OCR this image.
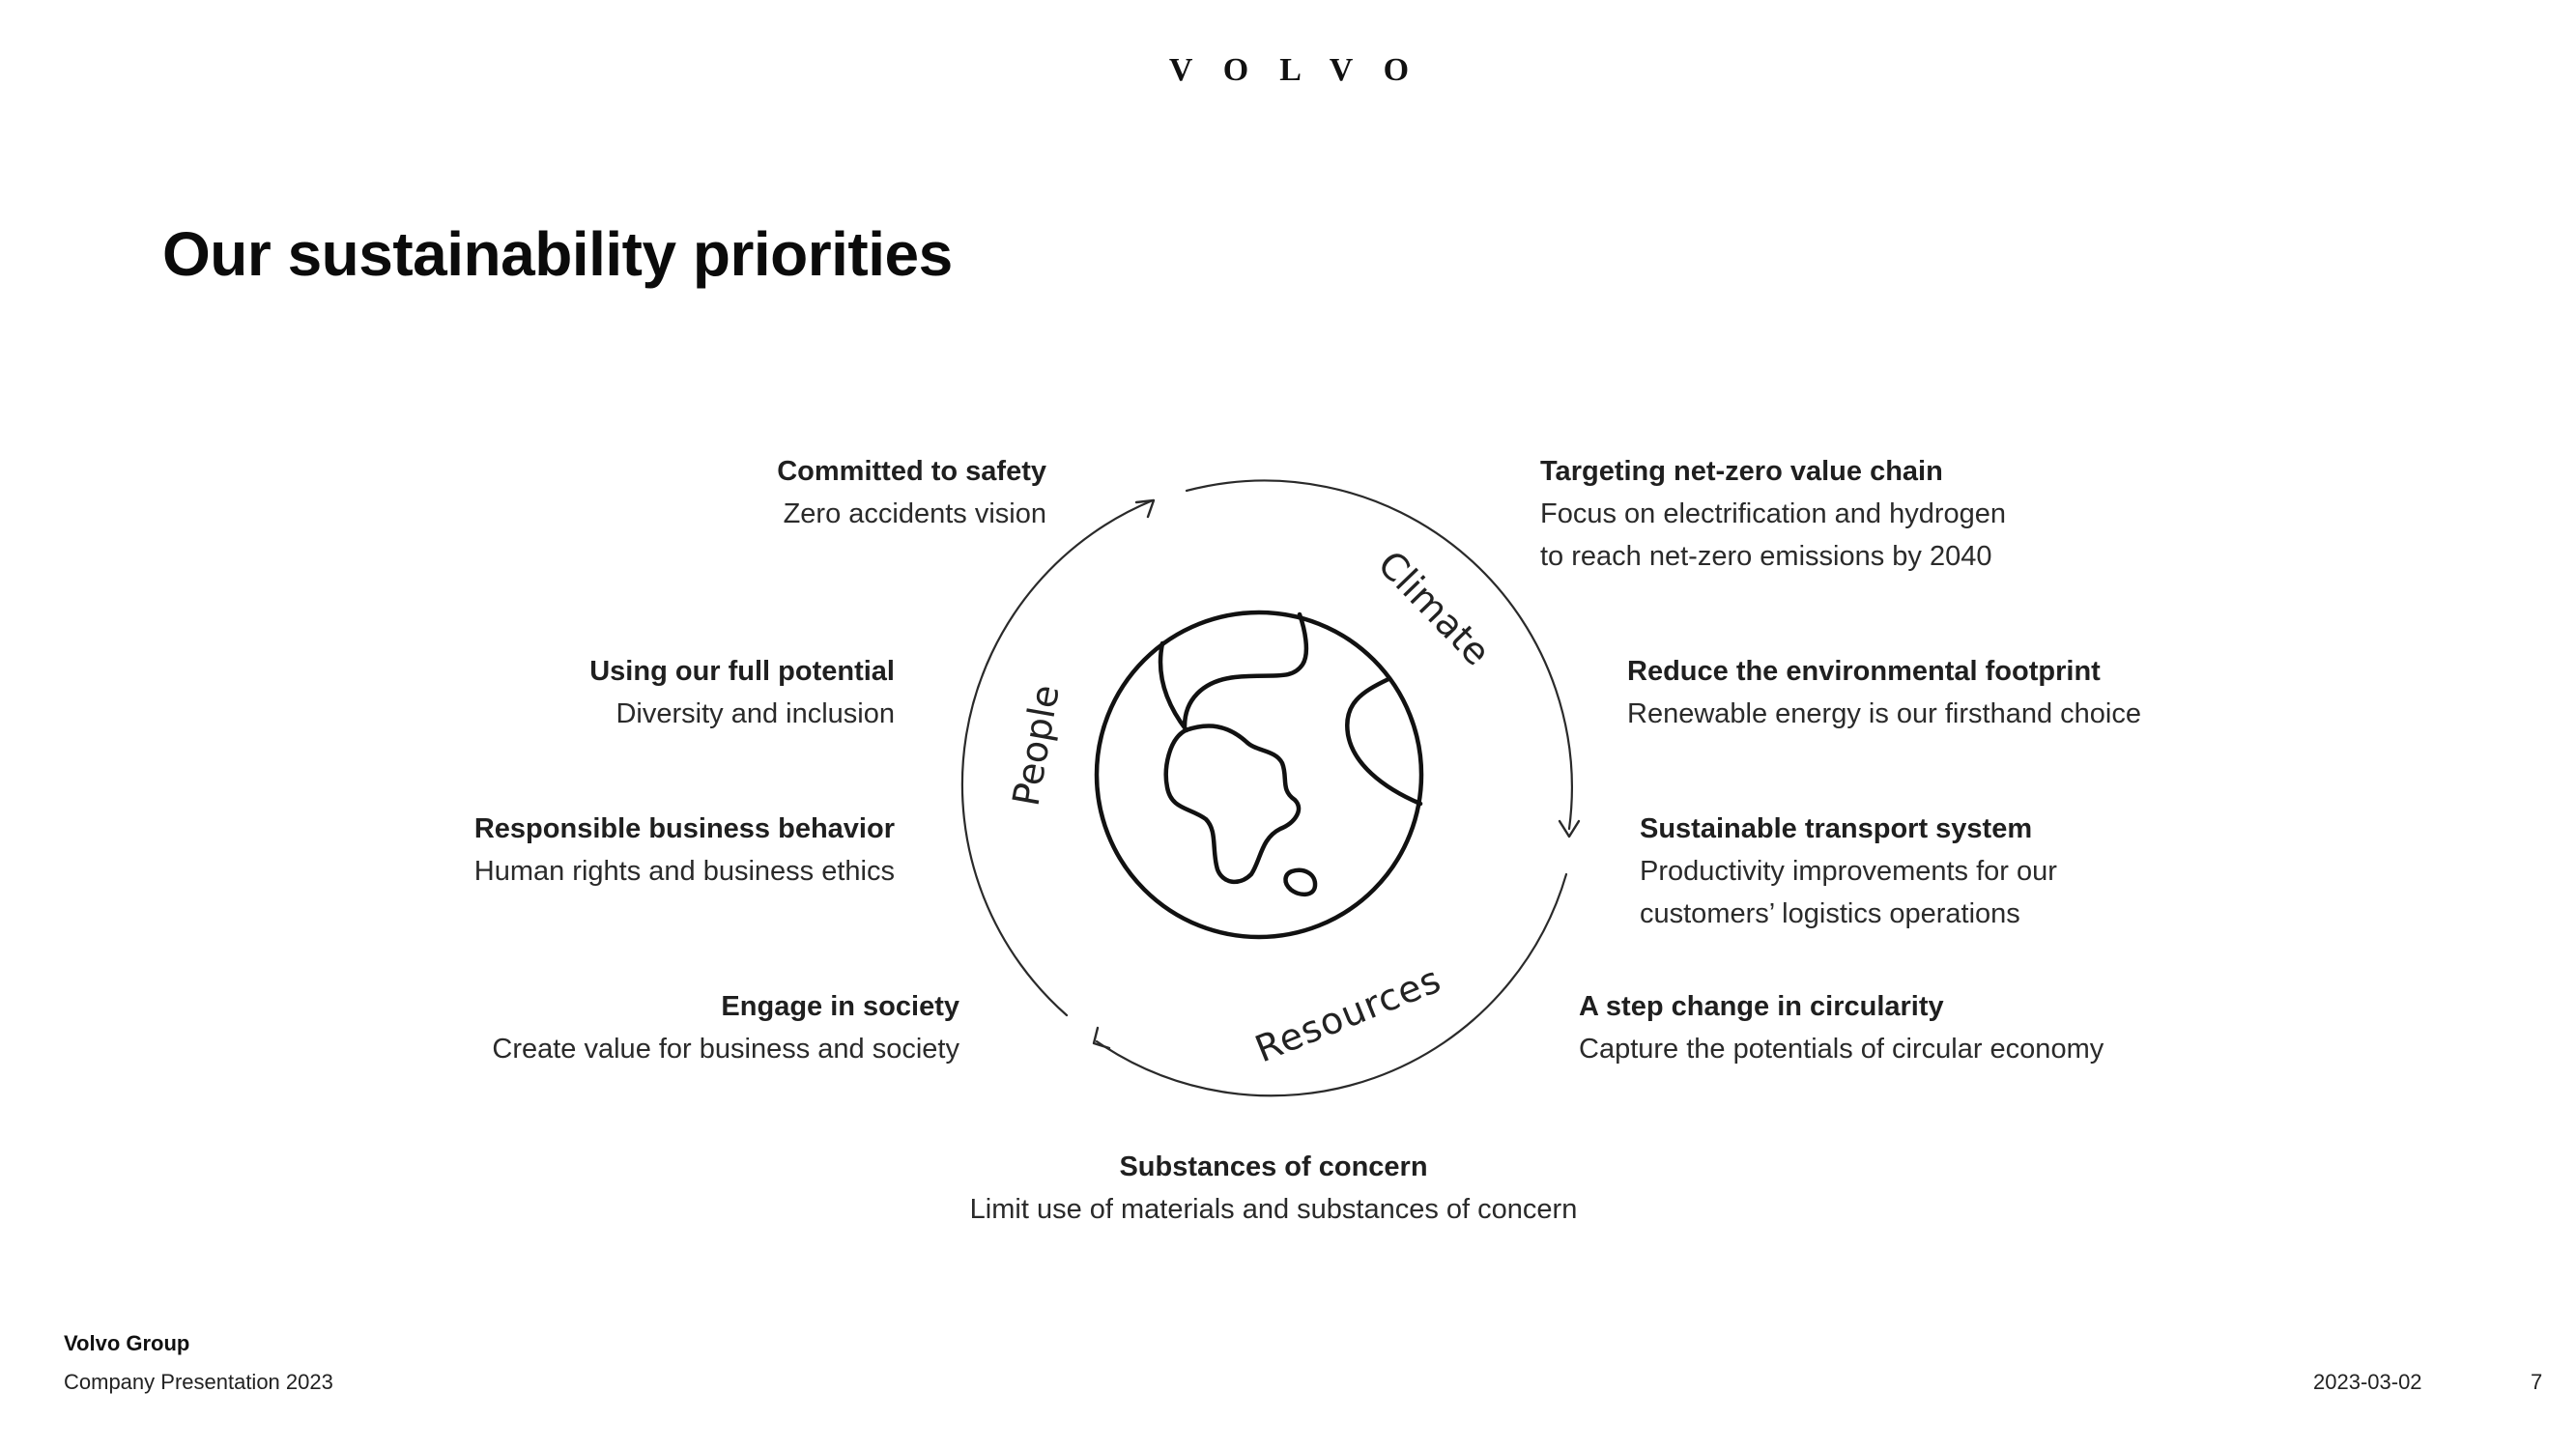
VOLVO
Our sustainability priorities
Climate
People
Resources
Committed to safety
Zero accidents vision
Using our full potential
Diversity and inclusion
Responsible business behavior
Human rights and business ethics
Engage in society
Create value for business and society
Targeting net-zero value chain
Focus on electrification and hydrogen
to reach net-zero emissions by 2040
Reduce the environmental footprint
Renewable energy is our firsthand choice
Sustainable transport system
Productivity improvements for our
customers’ logistics operations
A step change in circularity
Capture the potentials of circular economy
Substances of concern
Limit use of materials and substances of concern
Volvo Group
Company Presentation 2023	2023-03-02	7
